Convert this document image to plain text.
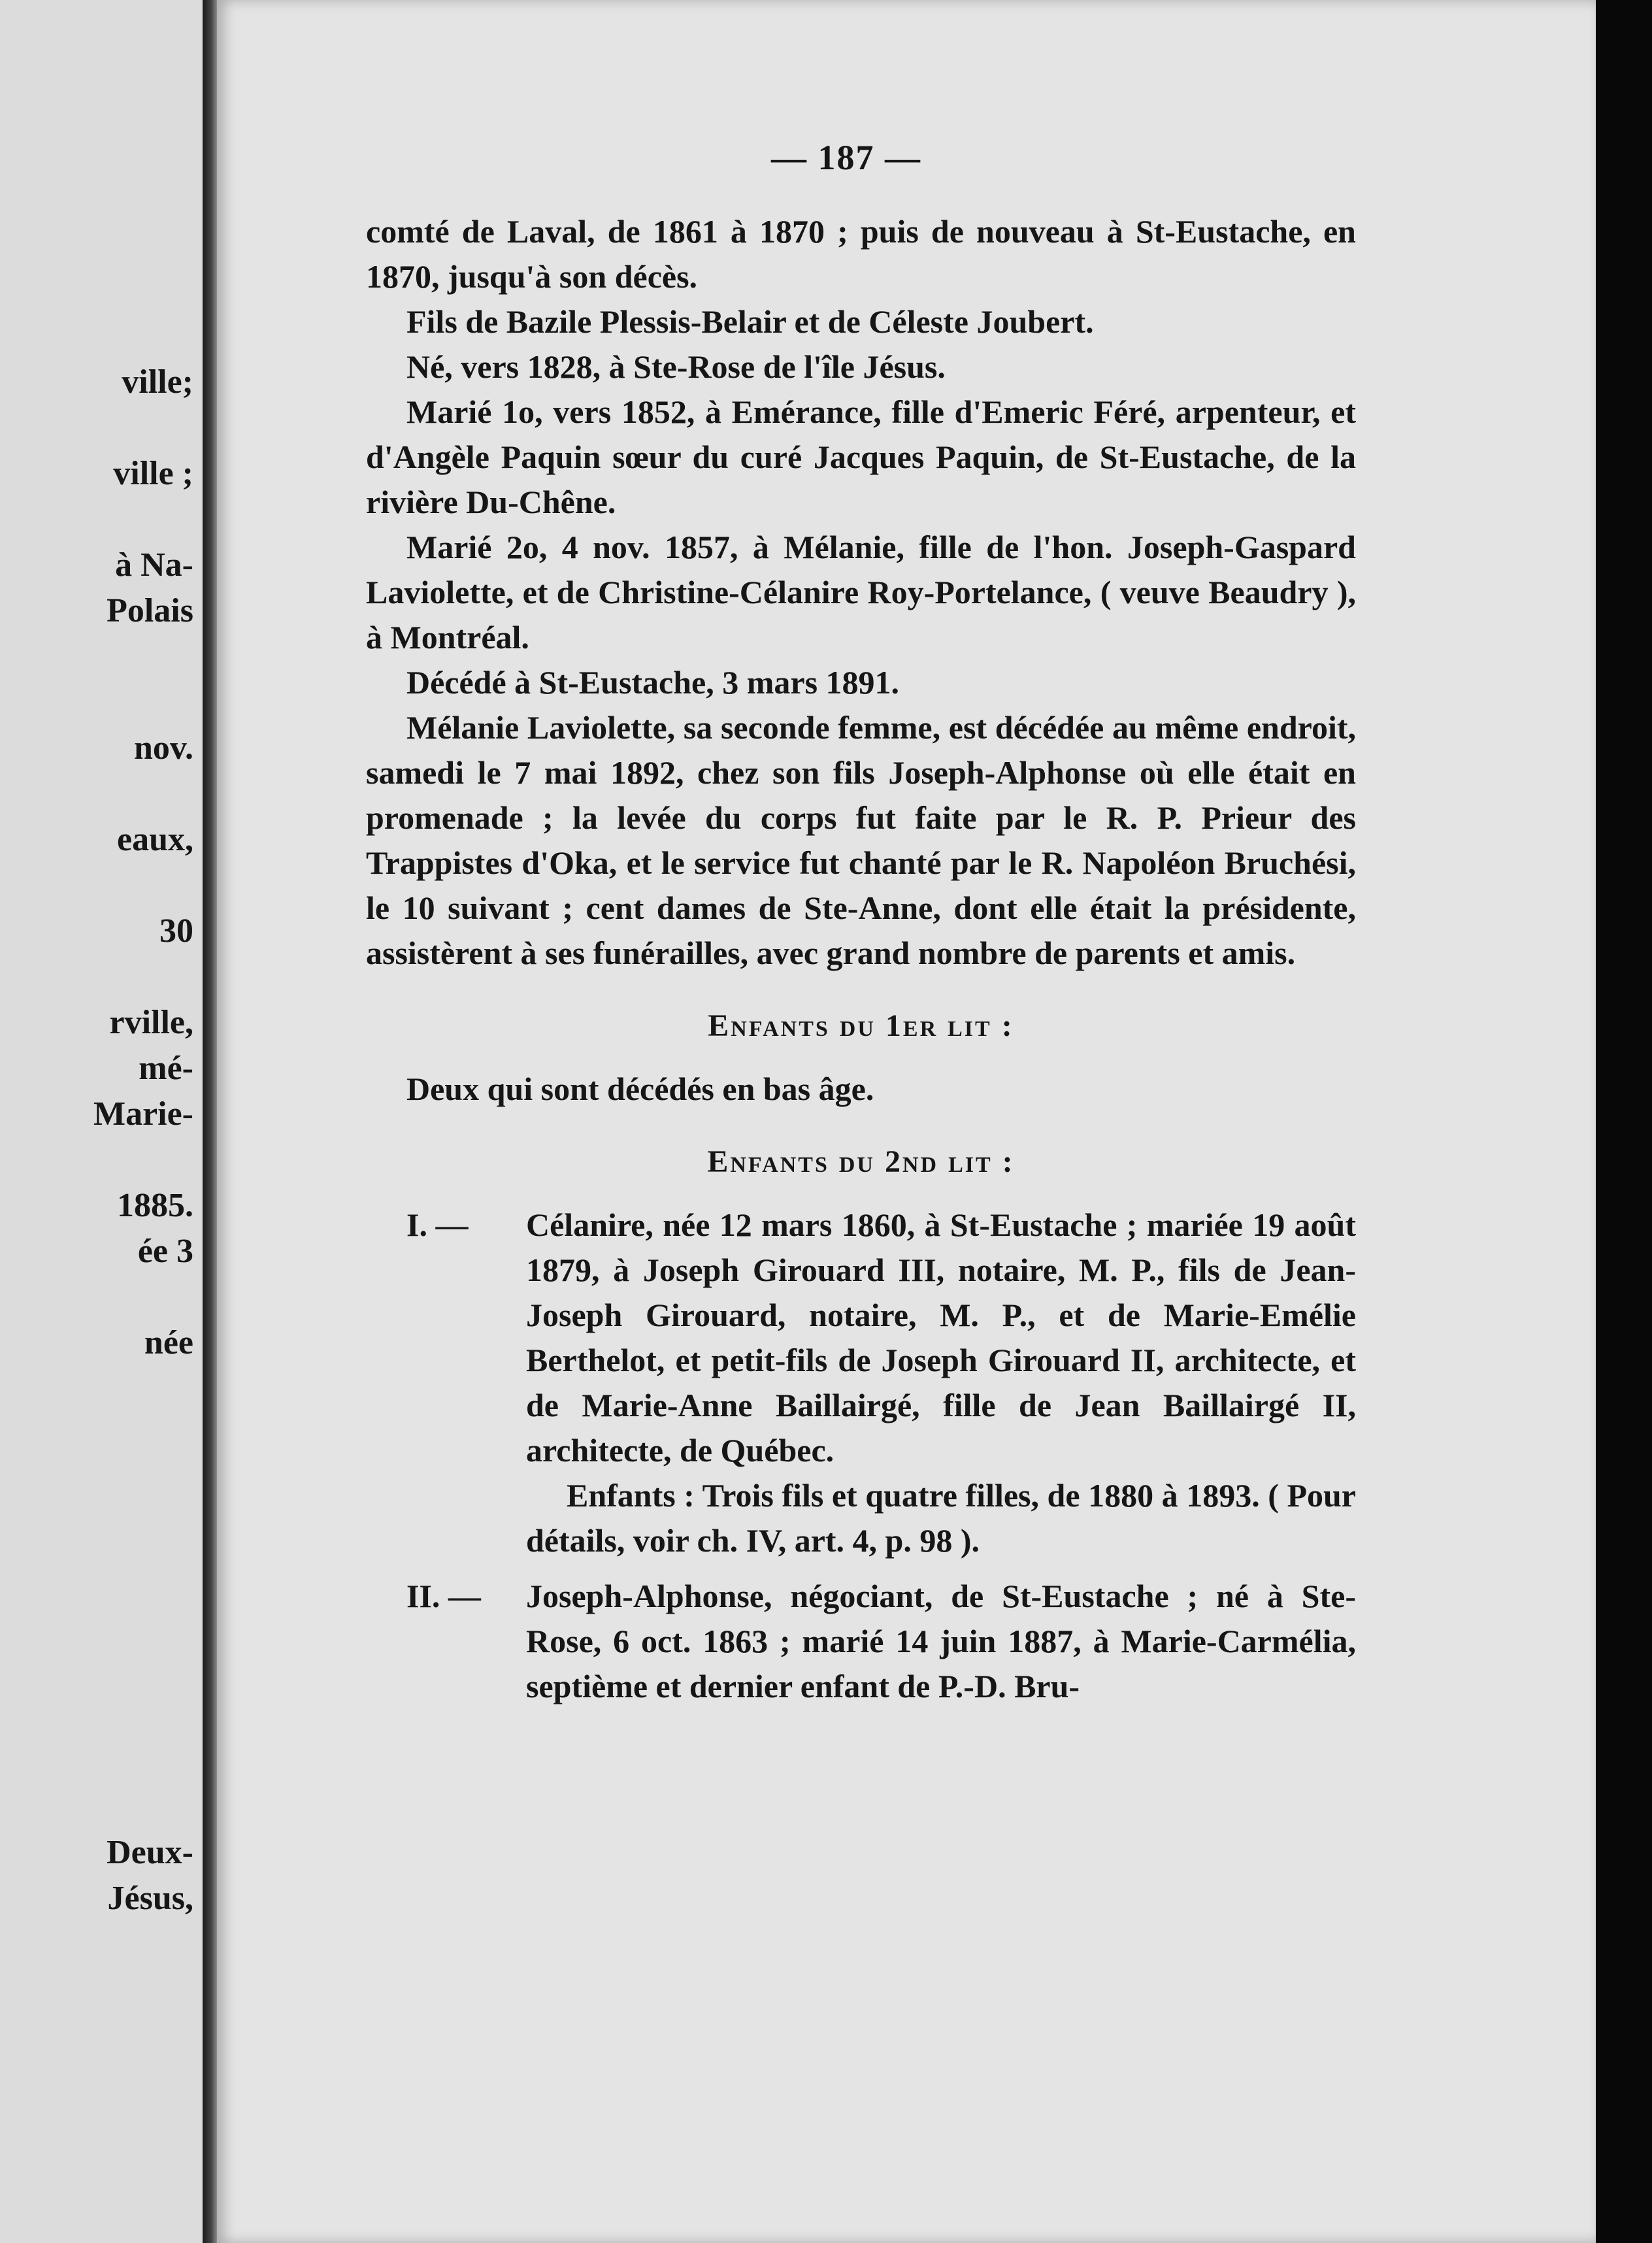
ville;
ville ;
à Na-
Polais
nov.
eaux,
30
rville,
mé-
Marie-
1885.
ée 3
née
Deux-
Jésus,
— 187 —

comté de Laval, de 1861 à 1870 ; puis de nouveau à St-Eustache, en 1870, jusqu'à son décès.

Fils de Bazile Plessis-Belair et de Céleste Joubert.

Né, vers 1828, à Ste-Rose de l'île Jésus.

Marié 1o, vers 1852, à Emérance, fille d'Emeric Féré, arpenteur, et d'Angèle Paquin sœur du curé Jacques Paquin, de St-Eustache, de la rivière Du-Chêne.

Marié 2o, 4 nov. 1857, à Mélanie, fille de l'hon. Joseph-Gaspard Laviolette, et de Christine-Célanire Roy-Portelance, ( veuve Beaudry ), à Montréal.

Décédé à St-Eustache, 3 mars 1891.

Mélanie Laviolette, sa seconde femme, est décédée au même endroit, samedi le 7 mai 1892, chez son fils Joseph-Alphonse où elle était en promenade ; la levée du corps fut faite par le R. P. Prieur des Trappistes d'Oka, et le service fut chanté par le R. Napoléon Bruchési, le 10 suivant ; cent dames de Ste-Anne, dont elle était la présidente, assistèrent à ses funérailles, avec grand nombre de parents et amis.

Enfants du 1er lit :

Deux qui sont décédés en bas âge.

Enfants du 2nd lit :
I. — Célanire, née 12 mars 1860, à St-Eustache ; mariée 19 août 1879, à Joseph Girouard III, notaire, M. P., fils de Jean-Joseph Girouard, notaire, M. P., et de Marie-Emélie Berthelot, et petit-fils de Joseph Girouard II, architecte, et de Marie-Anne Baillairgé, fille de Jean Baillairgé II, architecte, de Québec.

Enfants : Trois fils et quatre filles, de 1880 à 1893. ( Pour détails, voir ch. IV, art. 4, p. 98 ).

II. — Joseph-Alphonse, négociant, de St-Eustache ; né à Ste-Rose, 6 oct. 1863 ; marié 14 juin 1887, à Marie-Carmélia, septième et dernier enfant de P.-D. Bru-
